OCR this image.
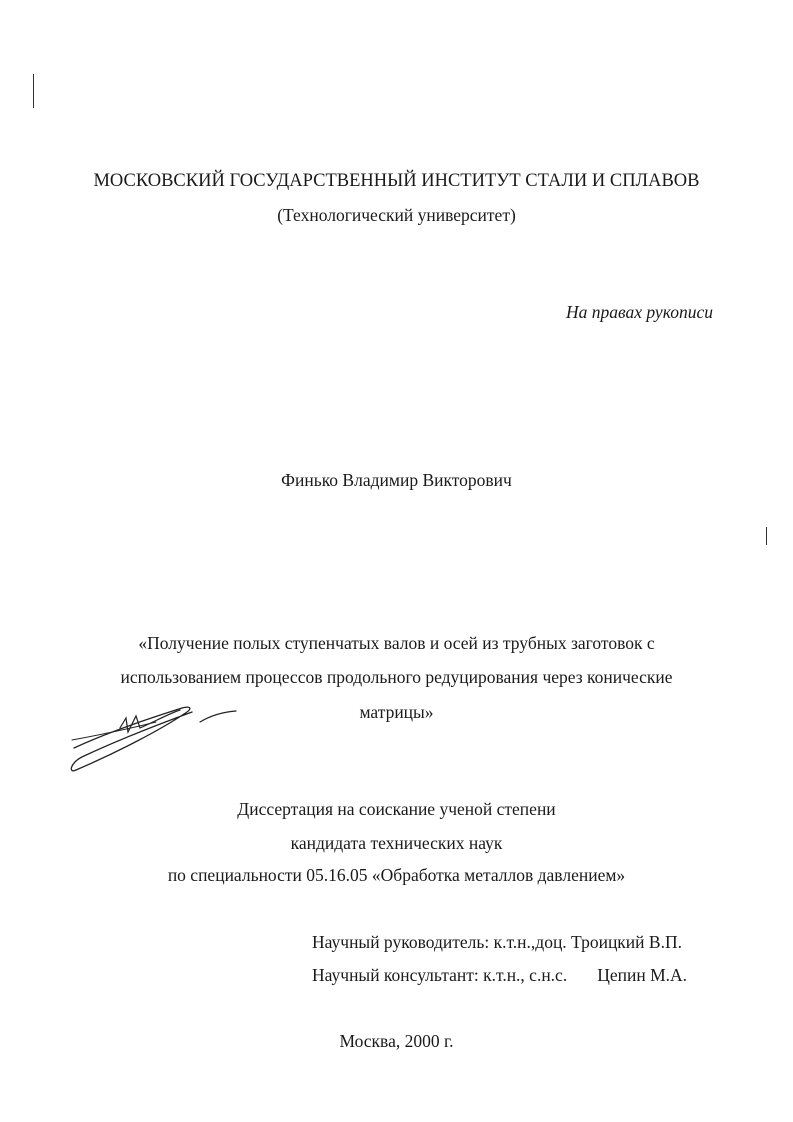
МОСКОВСКИЙ ГОСУДАРСТВЕННЫЙ ИНСТИТУТ СТАЛИ И СПЛАВОВ
(Технологический университет)
На правах рукописи
Финько Владимир Викторович
«Получение полых ступенчатых валов и осей из трубных заготовок с
использованием процессов продольного редуцирования через конические
матрицы»
Диссертация на соискание ученой степени
кандидата технических наук
по специальности 05.16.05 «Обработка металлов давлением»
Научный руководитель: к.т.н.,доц. Троицкий В.П.
Научный консультант: к.т.н., с.н.с. Цепин М.А.
Москва, 2000 г.
